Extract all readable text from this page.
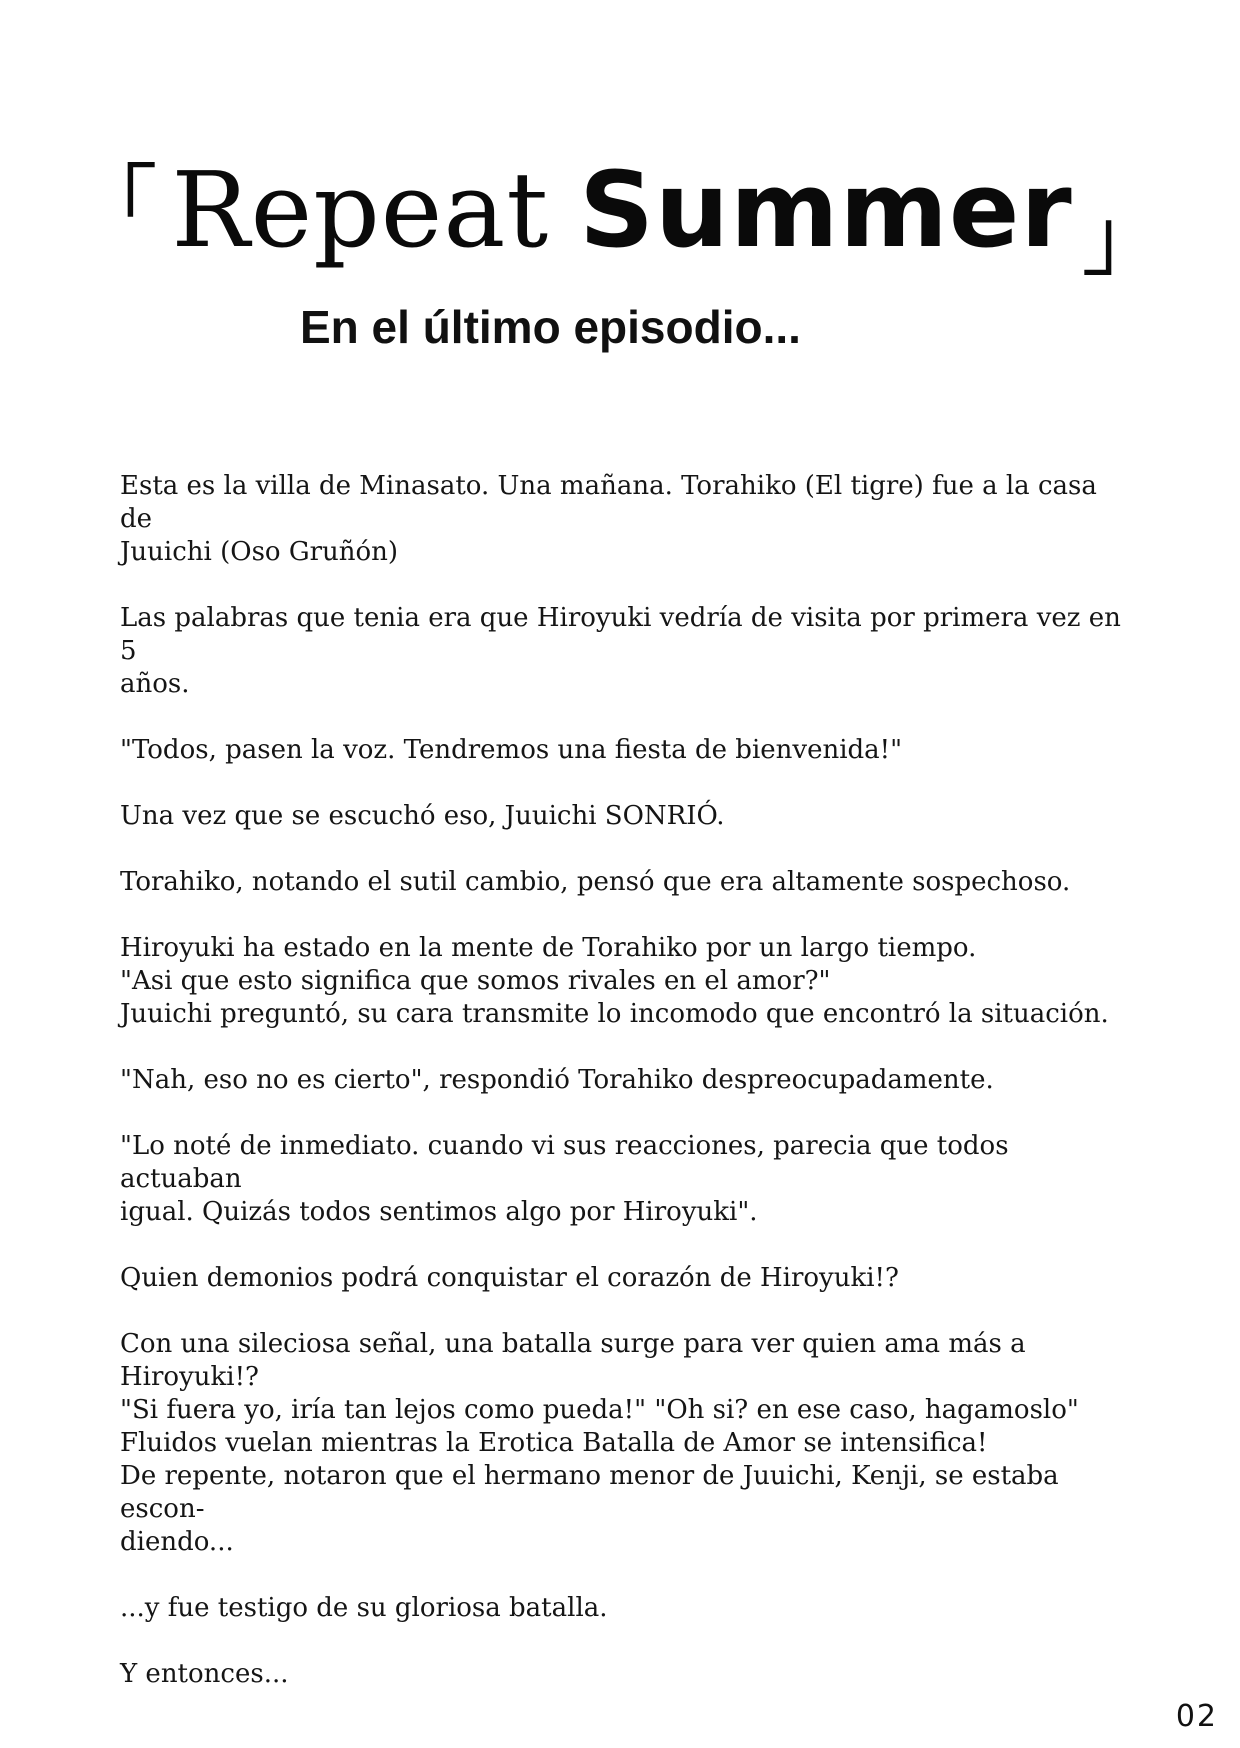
「 Repeat Summer 」
En el último episodio...

Esta es la villa de Minasato. Una mañana. Torahiko (El tigre) fue a la casa de
Juuichi (Oso Gruñón)

Las palabras que tenia era que Hiroyuki vedría de visita por primera vez en 5
años.

"Todos, pasen la voz. Tendremos una fiesta de bienvenida!"

Una vez que se escuchó eso, Juuichi SONRIÓ.

Torahiko, notando el sutil cambio, pensó que era altamente sospechoso.

Hiroyuki ha estado en la mente de Torahiko por un largo tiempo.
"Asi que esto significa que somos rivales en el amor?"
Juuichi preguntó, su cara transmite lo incomodo que encontró la situación.

"Nah, eso no es cierto", respondió Torahiko despreocupadamente.

"Lo noté de inmediato. cuando vi sus reacciones, parecia que todos actuaban
igual. Quizás todos sentimos algo por Hiroyuki".

Quien demonios podrá conquistar el corazón de Hiroyuki!?

Con una sileciosa señal, una batalla surge para ver quien ama más a Hiroyuki!?
"Si fuera yo, iría tan lejos como pueda!" "Oh si? en ese caso, hagamoslo"
Fluidos vuelan mientras la Erotica Batalla de Amor se intensifica!
De repente, notaron que el hermano menor de Juuichi, Kenji, se estaba escon-
diendo...

...y fue testigo de su gloriosa batalla.

Y entonces...

02
